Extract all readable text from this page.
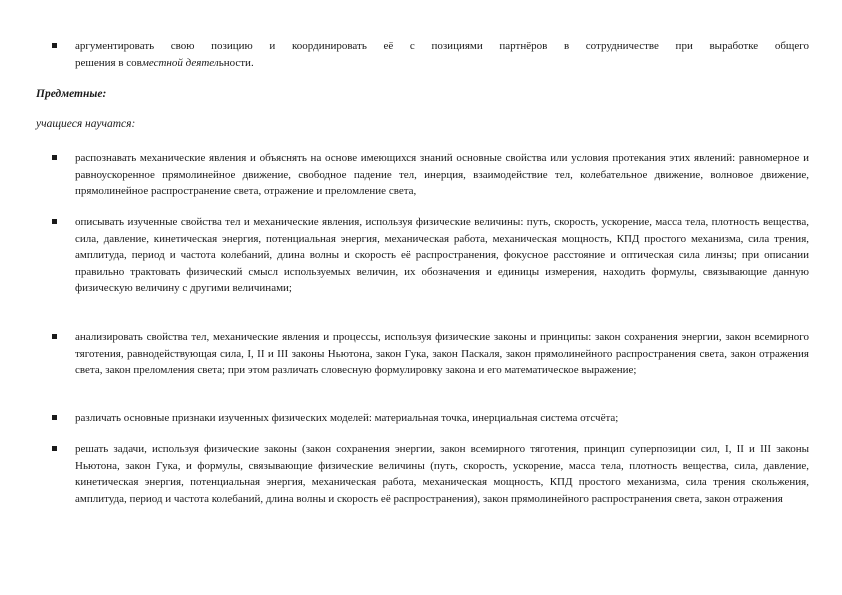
аргументировать свою позицию и координировать её с позициями партнёров в сотрудничестве при выработке общего
решения в совместной деятельности.
Предметные:
учащиеся научатся:
распознавать механические явления и объяснять на основе имеющихся знаний основные свойства или условия протекания этих явлений: равномерное и равноускоренное прямолинейное движение, свободное падение тел, инерция, взаимодействие тел, колебательное движение, волновое движение, прямолинейное распространение света, отражение и преломление света,
описывать изученные свойства тел и механические явления, используя физические величины: путь, скорость, ускорение, масса тела, плотность вещества, сила, давление, кинетическая энергия, потенциальная энергия, механическая работа, механическая мощность, КПД простого механизма, сила трения, амплитуда, период и частота колебаний, длина волны и скорость её распространения, фокусное расстояние и оптическая сила линзы; при описании правильно трактовать физический смысл используемых величин, их обозначения и единицы измерения, находить формулы, связывающие данную физическую величину с другими величинами;
анализировать свойства тел, механические явления и процессы, используя физические законы и принципы: закон сохранения энергии, закон всемирного тяготения, равнодействующая сила, I, II и III законы Ньютона, закон Гука, закон Паскаля, закон прямолинейного распространения света, закон отражения света, закон преломления света; при этом различать словесную формулировку закона и его математическое выражение;
различать основные признаки изученных физических моделей: материальная точка, инерциальная система отсчёта;
решать задачи, используя физические законы (закон сохранения энергии, закон всемирного тяготения, принцип суперпозиции сил, I, II и III законы Ньютона, закон Гука, и формулы, связывающие физические величины (путь, скорость, ускорение, масса тела, плотность вещества, сила, давление, кинетическая энергия, потенциальная энергия, механическая работа, механическая мощность, КПД простого механизма, сила трения скольжения, амплитуда, период и частота колебаний, длина волны и скорость её распространения), закон прямолинейного распространения света, закон отражения
